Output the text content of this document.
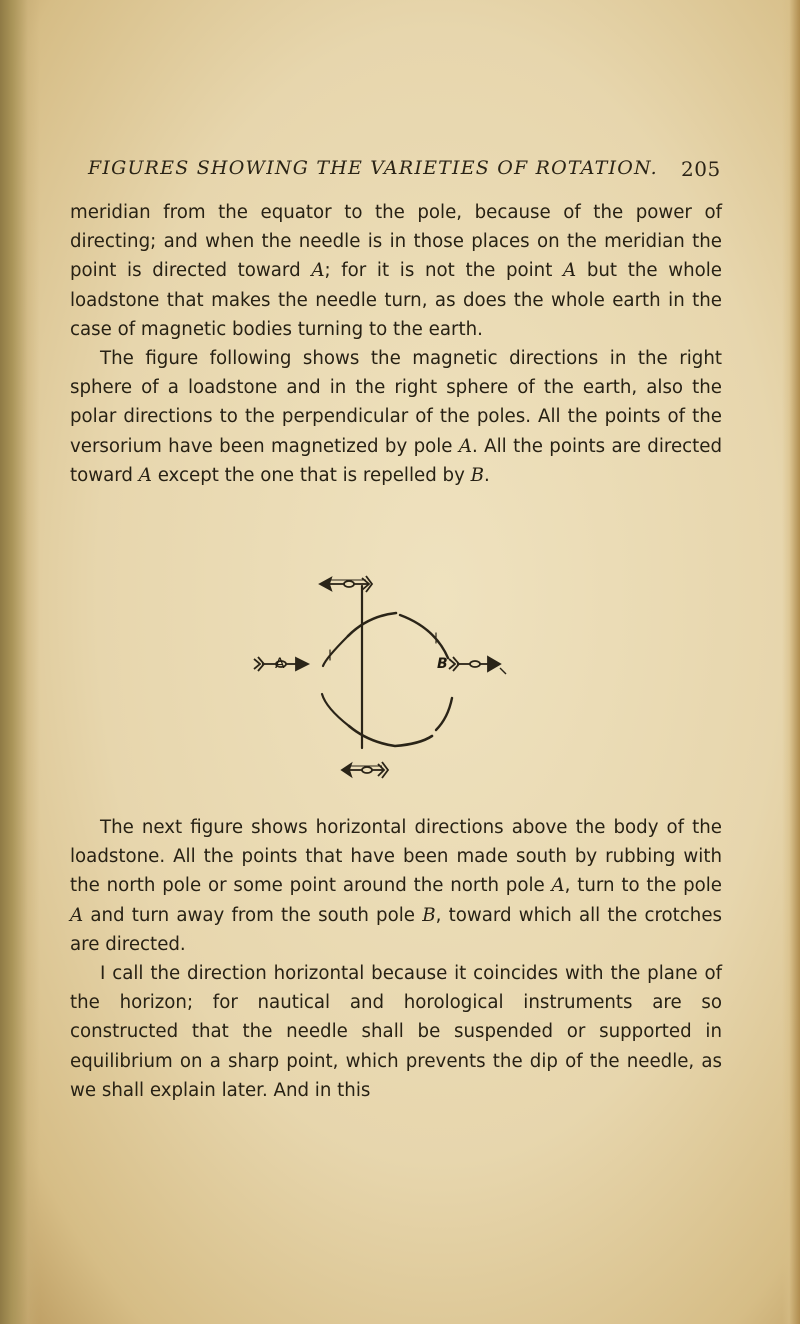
FIGURES SHOWING THE VARIETIES OF ROTATION. 205

meridian from the equator to the pole, because of the power of directing; and when the needle is in those places on the meridian the point is directed toward A; for it is not the point A but the whole loadstone that makes the needle turn, as does the whole earth in the case of magnetic bodies turning to the earth.

The figure following shows the magnetic directions in the right sphere of a loadstone and in the right sphere of the earth, also the polar directions to the perpendicular of the poles. All the points of the versorium have been magnetized by pole A. All the points are directed toward A except the one that is repelled by B.

A	B

The next figure shows horizontal directions above the body of the loadstone. All the points that have been made south by rubbing with the north pole or some point around the north pole A, turn to the pole A and turn away from the south pole B, toward which all the crotches are directed.

I call the direction horizontal because it coincides with the plane of the horizon; for nautical and horological instruments are so constructed that the needle shall be suspended or supported in equilibrium on a sharp point, which prevents the dip of the needle, as we shall explain later. And in this
